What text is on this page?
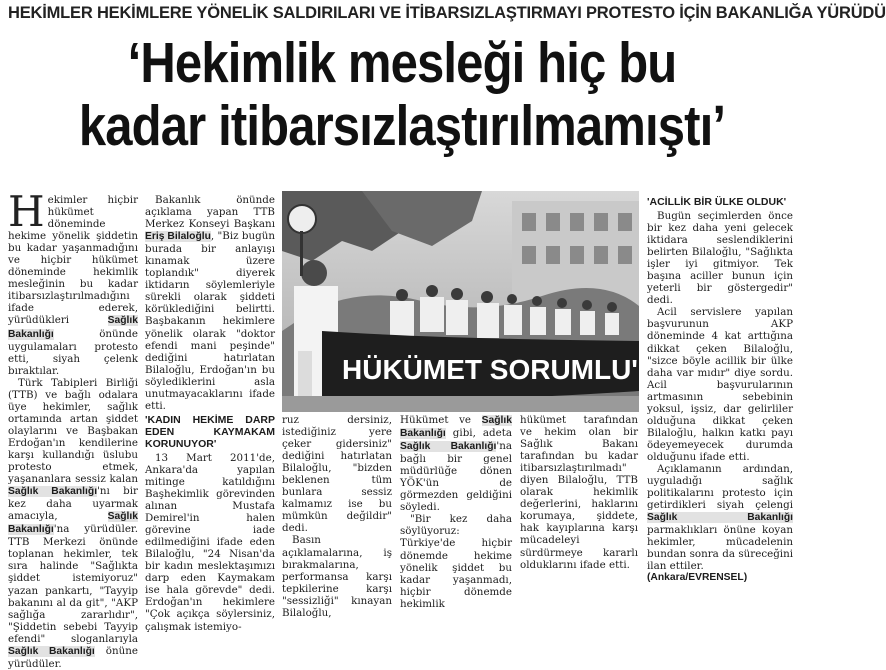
HEKİMLER HEKİMLERE YÖNELİK SALDIRILARI VE İTİBARSIZLAŞTIRMAYI PROTESTO İÇİN BAKANLIĞA YÜRÜDÜ
‘Hekimlik mesleği hiç bu
kadar itibarsızlaştırılmamıştı’

Hekimler hiçbir hükümet döneminde hekime yönelik şiddetin bu kadar yaşanmadığını ve hiçbir hükümet döneminde hekimlik mesleğinin bu kadar itibarsızlaştırılmadığını ifade ederek, yürüdükleri Sağlık Bakanlığı önünde uygulamaları protesto etti, siyah çelenk bıraktılar.

Türk Tabipleri Birliği (TTB) ve bağlı odalara üye hekimler, sağlık ortamında artan şiddet olaylarını ve Başbakan Erdoğan'ın kendilerine karşı kullandığı üslubu protesto etmek, yaşananlara sessiz kalan Sağlık Bakanlığı'nı bir kez daha uyarmak amacıyla, Sağlık Bakanlığı'na yürüdüler. TTB Merkezi önünde toplanan hekimler, tek sıra halinde "Sağlıkta şiddet istemiyoruz" yazan pankartı, "Tayyip bakanını al da git", "AKP sağlığa zararlıdır", "Şiddetin sebebi Tayyip efendi" sloganlarıyla Sağlık Bakanlığı önüne yürüdüler.

Bakanlık önünde açıklama yapan TTB Merkez Konseyi Başkanı Eriş Bilaloğlu, "Biz bugün burada bir anlayışı kınamak üzere toplandık" diyerek iktidarın söylemleriyle sürekli olarak şiddeti körüklediğini belirtti. Başbakanın hekimlere yönelik olarak "doktor efendi mani peşinde" dediğini hatırlatan Bilaloğlu, Erdoğan'ın bu söylediklerini asla unutmayacaklarını ifade etti.

'KADIN HEKİME DARP EDEN KAYMAKAM KORUNUYOR'

13 Mart 2011'de, Ankara'da yapılan mitinge katıldığını Başhekimlik görevinden alınan Mustafa Demirel'in halen görevine iade edilmediğini ifade eden Bilaloğlu, "24 Nisan'da bir kadın meslektaşımızı darp eden Kaymakam ise hala görevde" dedi. Erdoğan'ın hekimlere "Çok açıkça söylersiniz, çalışmak istemiyo-

HÜKÜMET SORUMLU'DA

ruz dersiniz, istediğiniz yere çeker gidersiniz" dediğini hatırlatan Bilaloğlu, "bizden beklenen tüm bunlara sessiz kalmamız ise bu mümkün değildir" dedi.

Basın açıklamalarına, iş bırakmalarına, performansa karşı tepkilerine karşı "sessizliği" kınayan Bilaloğlu,

Hükümet ve Sağlık Bakanlığı gibi, adeta Sağlık Bakanlığı'na bağlı bir genel müdürlüğe dönen YÖK'ün de görmezden geldiğini söyledi.

"Bir kez daha söylüyoruz: Türkiye'de hiçbir dönemde hekime yönelik şiddet bu kadar yaşanmadı, hiçbir dönemde hekimlik

hükümet tarafından ve hekim olan bir Sağlık Bakanı tarafından bu kadar itibarsızlaştırılmadı" diyen Bilaloğlu, TTB olarak hekimlik değerlerini, haklarını korumaya, şiddete, hak kayıplarına karşı mücadeleyi sürdürmeye kararlı olduklarını ifade etti.

'ACİLLİK BİR ÜLKE OLDUK'

Bugün seçimlerden önce bir kez daha yeni gelecek iktidara seslendiklerini belirten Bilaloğlu, "Sağlıkta işler iyi gitmiyor. Tek başına aciller bunun için yeterli bir göstergedir" dedi.

Acil servislere yapılan başvurunun AKP döneminde 4 kat arttığına dikkat çeken Bilaloğlu, "sizce böyle acillik bir ülke daha var mıdır" diye sordu. Acil başvurularının artmasının sebebinin yoksul, işsiz, dar gelirliler olduğuna dikkat çeken Bilaloğlu, halkın katkı payı ödeyemeyecek durumda olduğunu ifade etti.

Açıklamanın ardından, uyguladığı sağlık politikalarını protesto için getirdikleri siyah çelengi Sağlık Bakanlığı parmaklıkları önüne koyan hekimler, mücadelenin bundan sonra da süreceğini ilan ettiler.

(Ankara/EVRENSEL)
